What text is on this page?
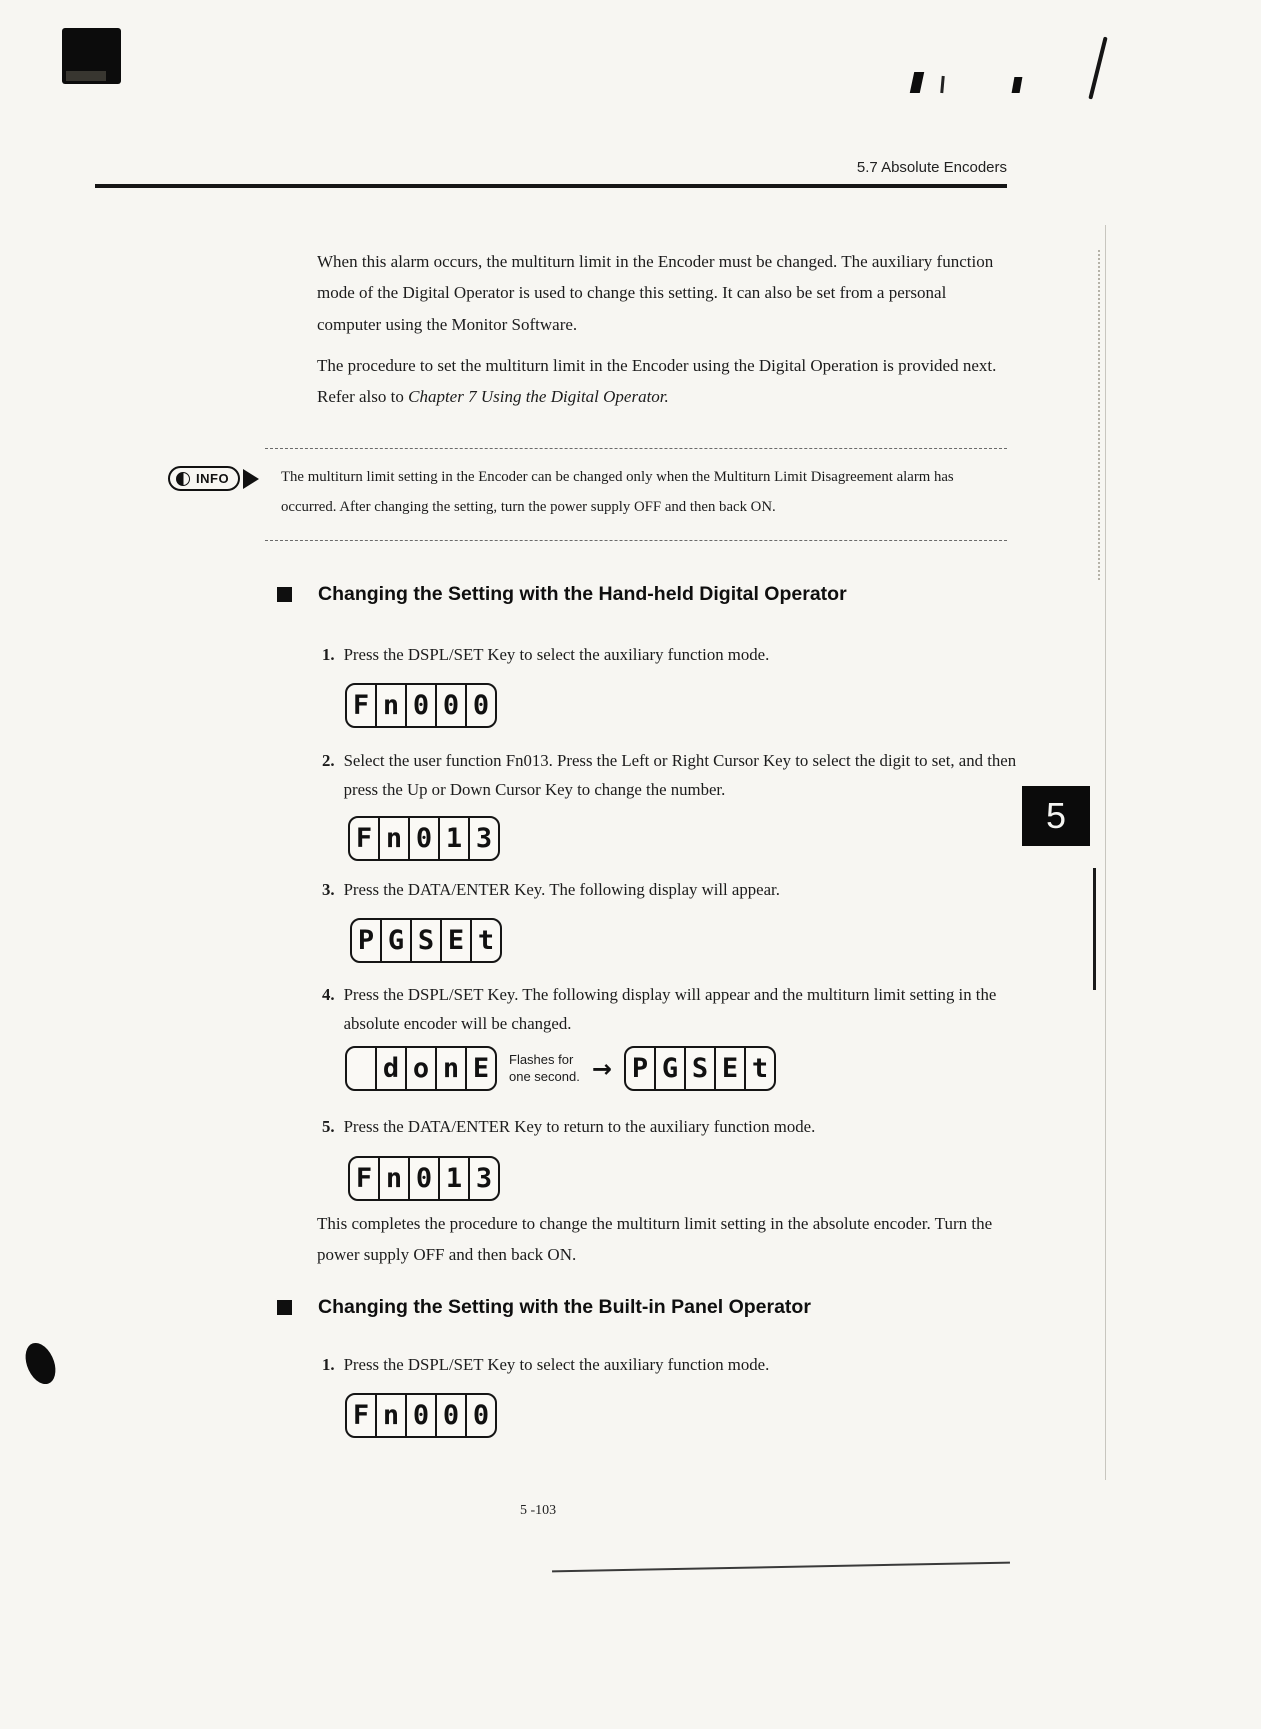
5.7 Absolute Encoders

When this alarm occurs, the multiturn limit in the Encoder must be changed. The auxiliary function mode of the Digital Operator is used to change this setting. It can also be set from a personal computer using the Monitor Software.

The procedure to set the multiturn limit in the Encoder using the Digital Operation is provided next. Refer also to Chapter 7 Using the Digital Operator.

INFO	The multiturn limit setting in the Encoder can be changed only when the Multiturn Limit Disagreement alarm has occurred. After changing the setting, turn the power supply OFF and then back ON.

Changing the Setting with the Hand-held Digital Operator
1. Press the DSPL/SET Key to select the auxiliary function mode.
F n 0 0 0
2. Select the user function Fn013. Press the Left or Right Cursor Key to select the digit to set, and then press the Up or Down Cursor Key to change the number.
F n 0 1 3
3. Press the DATA/ENTER Key. The following display will appear.
P G S E t
4. Press the DSPL/SET Key. The following display will appear and the multiturn limit setting in the absolute encoder will be changed.
d o n E	Flashes for
one second. → P G S E t
5. Press the DATA/ENTER Key to return to the auxiliary function mode.
F n 0 1 3

This completes the procedure to change the multiturn limit setting in the absolute encoder. Turn the power supply OFF and then back ON.

Changing the Setting with the Built-in Panel Operator
1. Press the DSPL/SET Key to select the auxiliary function mode.
F n 0 0 0
5
5 -103
